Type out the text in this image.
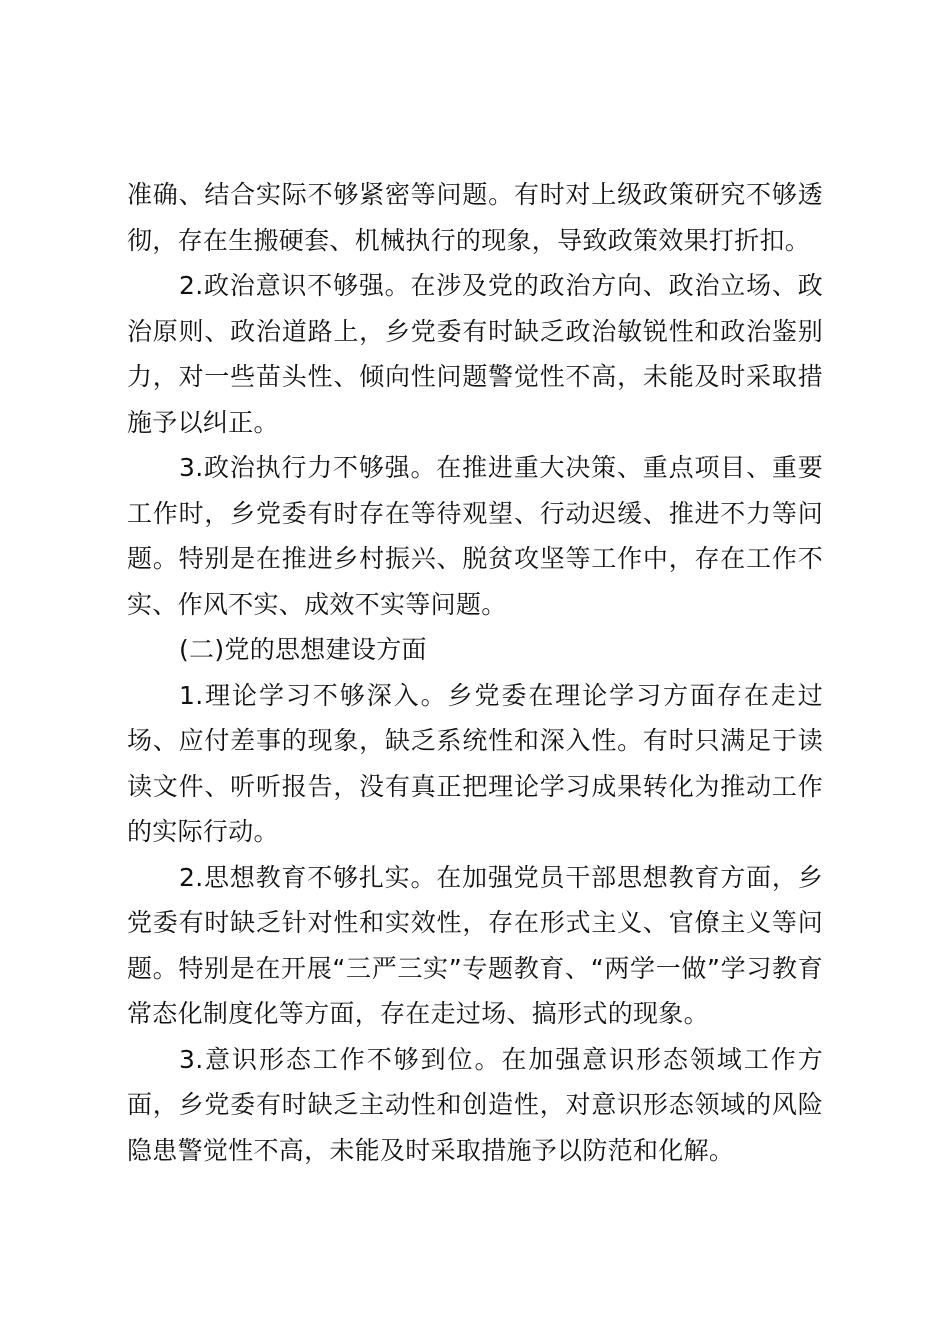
准确、结合实际不够紧密等问题。有时对上级政策研究不够透彻，存在生搬硬套、机械执行的现象，导致政策效果打折扣。

2.政治意识不够强。在涉及党的政治方向、政治立场、政治原则、政治道路上，乡党委有时缺乏政治敏锐性和政治鉴别力，对一些苗头性、倾向性问题警觉性不高，未能及时采取措施予以纠正。

3.政治执行力不够强。在推进重大决策、重点项目、重要工作时，乡党委有时存在等待观望、行动迟缓、推进不力等问题。特别是在推进乡村振兴、脱贫攻坚等工作中，存在工作不实、作风不实、成效不实等问题。

(二)党的思想建设方面

1.理论学习不够深入。乡党委在理论学习方面存在走过场、应付差事的现象，缺乏系统性和深入性。有时只满足于读读文件、听听报告，没有真正把理论学习成果转化为推动工作的实际行动。

2.思想教育不够扎实。在加强党员干部思想教育方面，乡党委有时缺乏针对性和实效性，存在形式主义、官僚主义等问题。特别是在开展“三严三实”专题教育、“两学一做”学习教育常态化制度化等方面，存在走过场、搞形式的现象。

3.意识形态工作不够到位。在加强意识形态领域工作方面，乡党委有时缺乏主动性和创造性，对意识形态领域的风险隐患警觉性不高，未能及时采取措施予以防范和化解。
